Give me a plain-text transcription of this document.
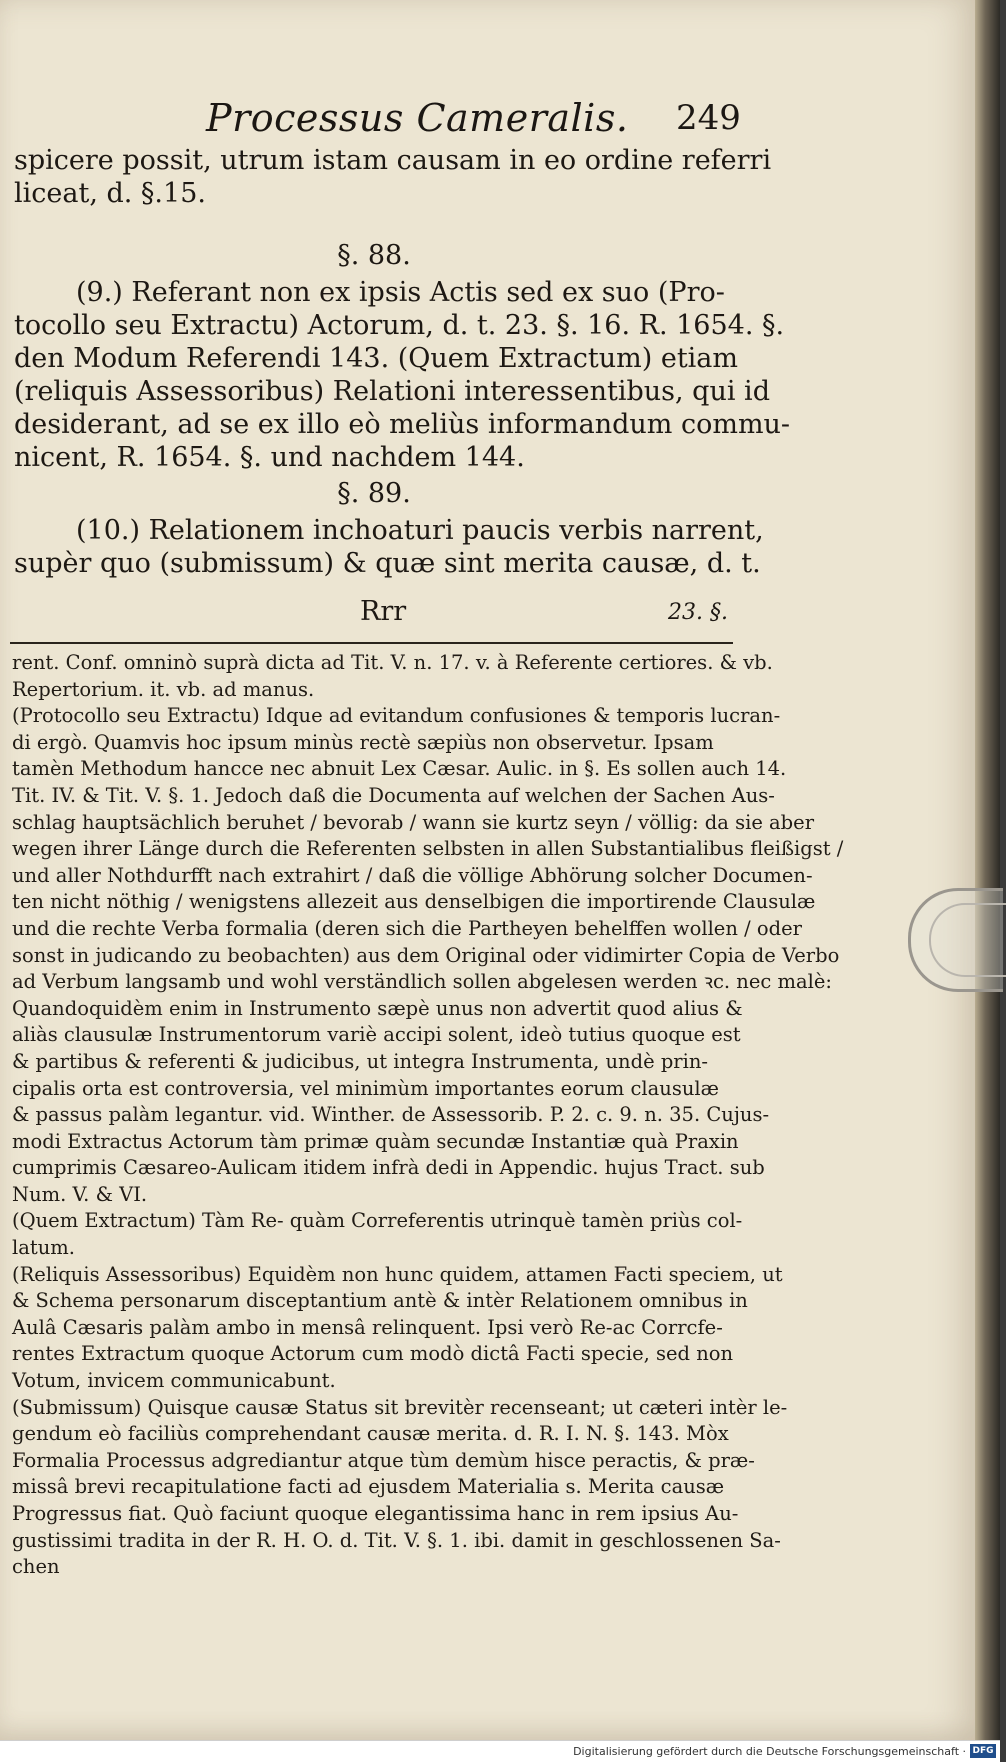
Processus Cameralis. 249
spicere possit, utrum istam causam in eo ordine referri
liceat, d. §.15.
§. 88.
(9.) Referant non ex ipsis Actis sed ex suo (Pro-
tocollo seu Extractu) Actorum, d. t. 23. §. 16. R. 1654. §.
den Modum Referendi 143. (Quem Extractum) etiam
(reliquis Assessoribus) Relationi interessentibus, qui id
desiderant, ad se ex illo eò meliùs informandum commu-
nicent, R. 1654. §. und nachdem 144.
§. 89.
(10.) Relationem inchoaturi paucis verbis narrent,
supèr quo (submissum) & quæ sint merita causæ, d. t.
Rrr	23. §.
rent. Conf. omninò suprà dicta ad Tit. V. n. 17. v. à Referente certiores. & vb.
Repertorium. it. vb. ad manus.
(Protocollo seu Extractu) Idque ad evitandum confusiones & temporis lucran-
di ergò. Quamvis hoc ipsum minùs rectè sæpiùs non observetur. Ipsam
tamèn Methodum hancce nec abnuit Lex Cæsar. Aulic. in §. Es sollen auch 14.
Tit. IV. & Tit. V. §. 1. Jedoch daß die Documenta auf welchen der Sachen Aus-
schlag hauptsächlich beruhet / bevorab / wann sie kurtz seyn / völlig: da sie aber
wegen ihrer Länge durch die Referenten selbsten in allen Substantialibus fleißigst /
und aller Nothdurfft nach extrahirt / daß die völlige Abhörung solcher Documen-
ten nicht nöthig / wenigstens allezeit aus denselbigen die importirende Clausulæ
und die rechte Verba formalia (deren sich die Partheyen behelffen wollen / oder
sonst in judicando zu beobachten) aus dem Original oder vidimirter Copia de Verbo
ad Verbum langsamb und wohl verständlich sollen abgelesen werden ꝛc. nec malè:
Quandoquidèm enim in Instrumento sæpè unus non advertit quod alius &
aliàs clausulæ Instrumentorum variè accipi solent, ideò tutius quoque est
& partibus & referenti & judicibus, ut integra Instrumenta, undè prin-
cipalis orta est controversia, vel minimùm importantes eorum clausulæ
& passus palàm legantur. vid. Winther. de Assessorib. P. 2. c. 9. n. 35. Cujus-
modi Extractus Actorum tàm primæ quàm secundæ Instantiæ quà Praxin
cumprimis Cæsareo-Aulicam itidem infrà dedi in Appendic. hujus Tract. sub
Num. V. & VI.
(Quem Extractum) Tàm Re- quàm Correferentis utrinquè tamèn priùs col-
latum.
(Reliquis Assessoribus) Equidèm non hunc quidem, attamen Facti speciem, ut
& Schema personarum disceptantium antè & intèr Relationem omnibus in
Aulâ Cæsaris palàm ambo in mensâ relinquent. Ipsi verò Re-ac Corrcfe-
rentes Extractum quoque Actorum cum modò dictâ Facti specie, sed non
Votum, invicem communicabunt.
(Submissum) Quisque causæ Status sit brevitèr recenseant; ut cæteri intèr le-
gendum eò faciliùs comprehendant causæ merita. d. R. I. N. §. 143. Mòx
Formalia Processus adgrediantur atque tùm demùm hisce peractis, & præ-
missâ brevi recapitulatione facti ad ejusdem Materialia s. Merita causæ
Progressus fiat. Quò faciunt quoque elegantissima hanc in rem ipsius Au-
gustissimi tradita in der R. H. O. d. Tit. V. §. 1. ibi. damit in geschlossenen Sa-
chen
Digitalisierung gefördert durch die Deutsche Forschungsgemeinschaft · DFG
